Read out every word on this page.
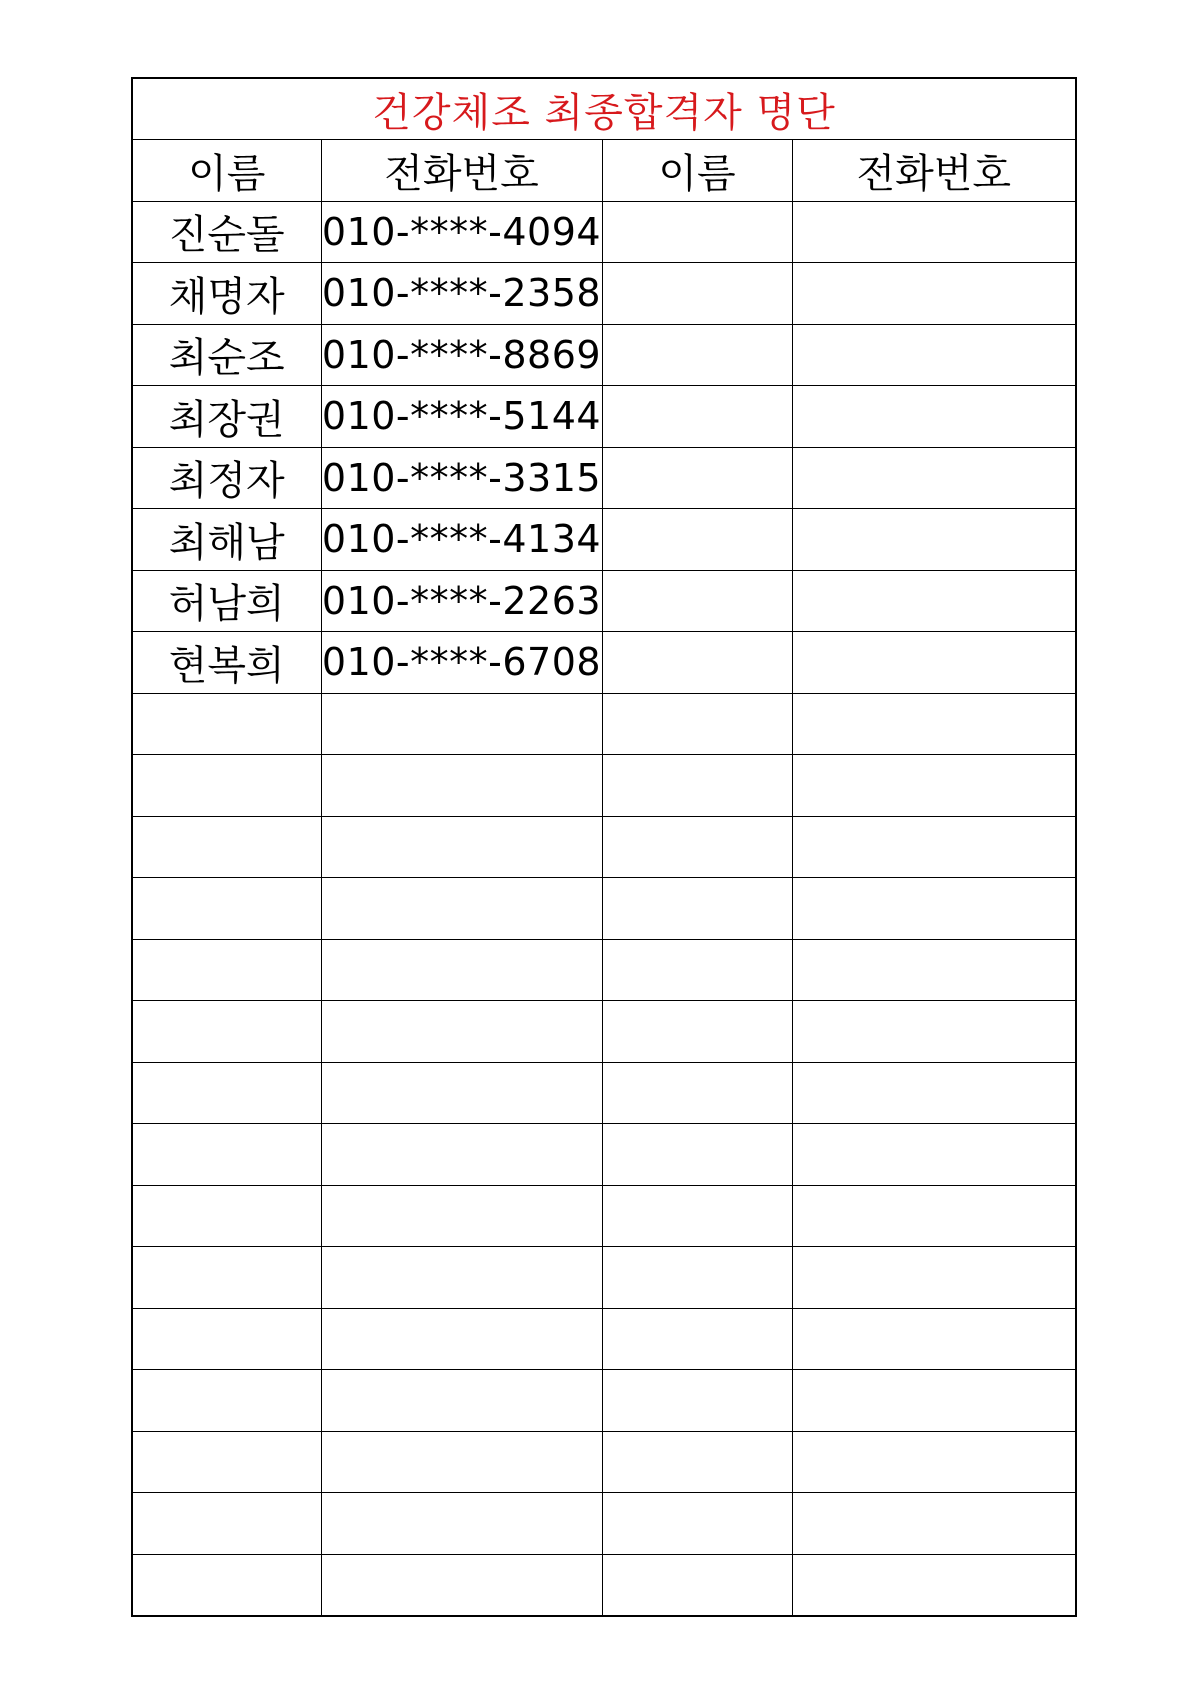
건강체조 최종합격자 명단			
이름	전화번호	이름	전화번호
진순돌	010-****-4094		
채명자	010-****-2358		
최순조	010-****-8869		
최장권	010-****-5144		
최정자	010-****-3315		
최해남	010-****-4134		
허남희	010-****-2263		
현복희	010-****-6708		
